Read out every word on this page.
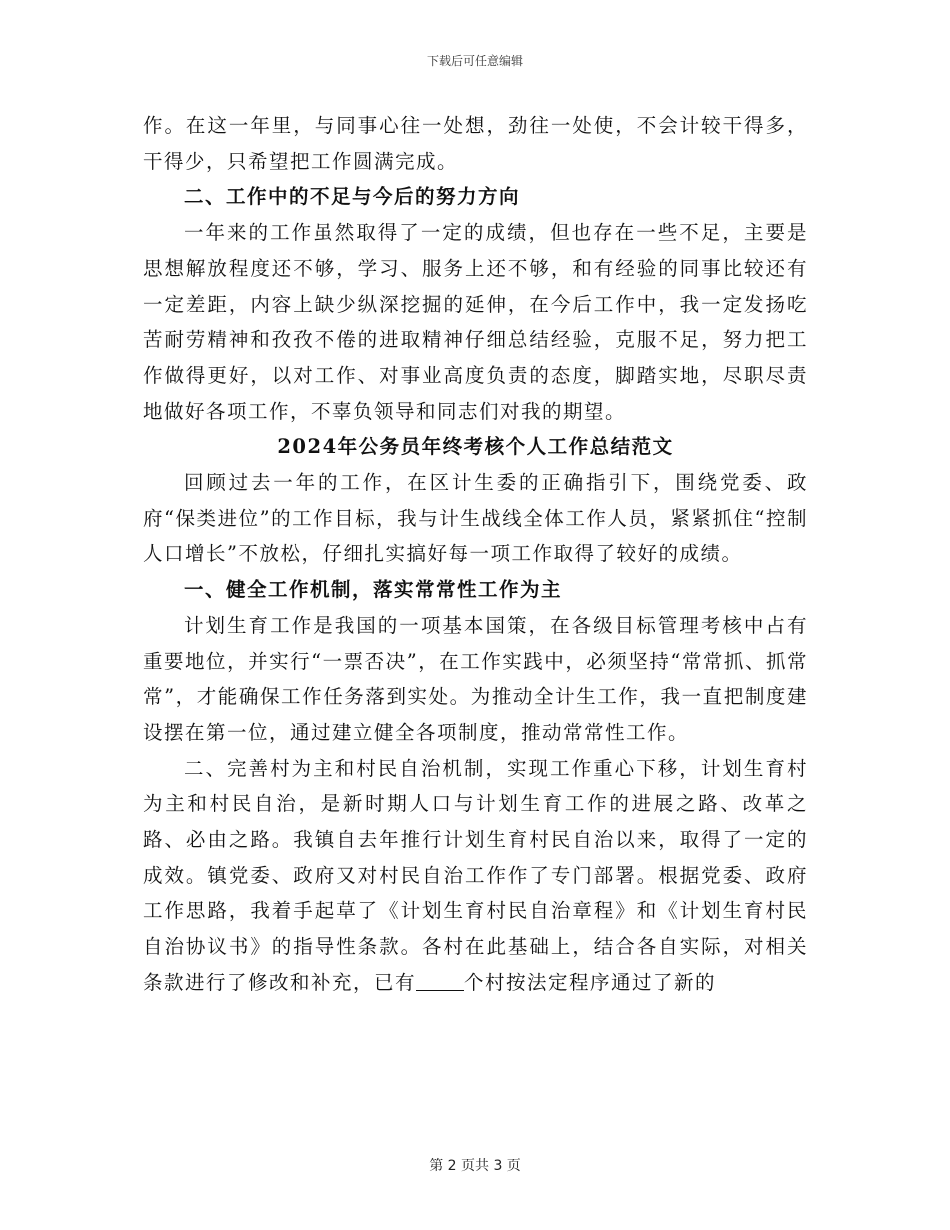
下载后可任意编辑

作。在这一年里，与同事心往一处想，劲往一处使，不会计较干得多，干得少，只希望把工作圆满完成。

二、工作中的不足与今后的努力方向

一年来的工作虽然取得了一定的成绩，但也存在一些不足，主要是思想解放程度还不够，学习、服务上还不够，和有经验的同事比较还有一定差距，内容上缺少纵深挖掘的延伸，在今后工作中，我一定发扬吃苦耐劳精神和孜孜不倦的进取精神仔细总结经验，克服不足，努力把工作做得更好，以对工作、对事业高度负责的态度，脚踏实地，尽职尽责地做好各项工作，不辜负领导和同志们对我的期望。

2024年公务员年终考核个人工作总结范文

回顾过去一年的工作，在区计生委的正确指引下，围绕党委、政府“保类进位”的工作目标，我与计生战线全体工作人员，紧紧抓住“控制人口增长”不放松，仔细扎实搞好每一项工作取得了较好的成绩。

一、健全工作机制，落实常常性工作为主

计划生育工作是我国的一项基本国策，在各级目标管理考核中占有重要地位，并实行“一票否决”，在工作实践中，必须坚持“常常抓、抓常常”，才能确保工作任务落到实处。为推动全计生工作，我一直把制度建设摆在第一位，通过建立健全各项制度，推动常常性工作。

二、完善村为主和村民自治机制，实现工作重心下移，计划生育村为主和村民自治，是新时期人口与计划生育工作的进展之路、改革之路、必由之路。我镇自去年推行计划生育村民自治以来，取得了一定的成效。镇党委、政府又对村民自治工作作了专门部署。根据党委、政府工作思路，我着手起草了《计划生育村民自治章程》和《计划生育村民自治协议书》的指导性条款。各村在此基础上，结合各自实际，对相关条款进行了修改和补充，已有 个村按法定程序通过了新的

第 2 页共 3 页
